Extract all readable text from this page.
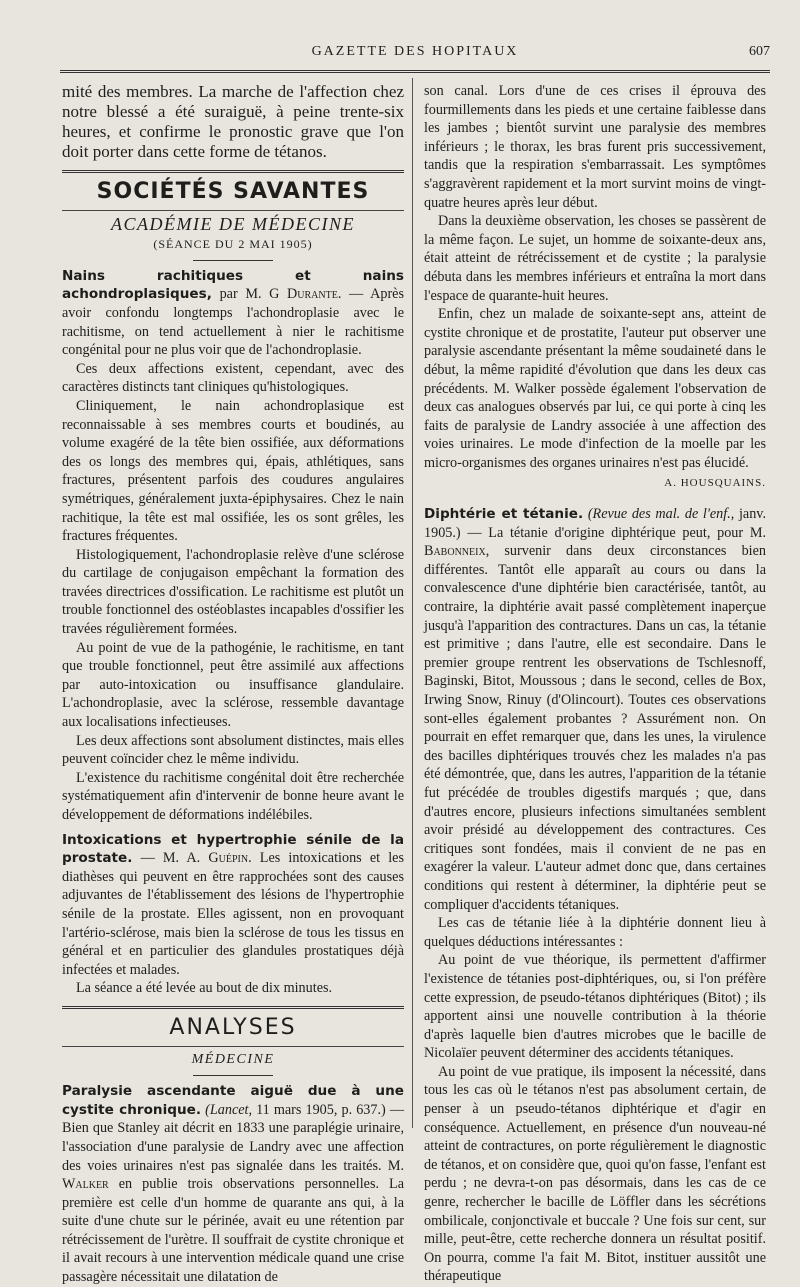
GAZETTE DES HOPITAUX	607

mité des membres. La marche de l'affection chez notre blessé a été suraiguë, à peine trente-six heures, et confirme le pronostic grave que l'on doit porter dans cette forme de tétanos.

SOCIÉTÉS SAVANTES
ACADÉMIE DE MÉDECINE
(SÉANCE DU 2 MAI 1905)

Nains rachitiques et nains achondroplasiques, par M. G Durante. — Après avoir confondu longtemps l'achondroplasie avec le rachitisme, on tend actuellement à nier le rachitisme congénital pour ne plus voir que de l'achondroplasie.

Ces deux affections existent, cependant, avec des caractères distincts tant cliniques qu'histologiques.

Cliniquement, le nain achondroplasique est reconnaissable à ses membres courts et boudinés, au volume exagéré de la tête bien ossifiée, aux déformations des os longs des membres qui, épais, athlétiques, sans fractures, présentent parfois des coudures angulaires symétriques, généralement juxta-épiphysaires. Chez le nain rachitique, la tête est mal ossifiée, les os sont grêles, les fractures fréquentes.

Histologiquement, l'achondroplasie relève d'une sclérose du cartilage de conjugaison empêchant la formation des travées directrices d'ossification. Le rachitisme est plutôt un trouble fonctionnel des ostéoblastes incapables d'ossifier les travées régulièrement formées.

Au point de vue de la pathogénie, le rachitisme, en tant que trouble fonctionnel, peut être assimilé aux affections par auto-intoxication ou insuffisance glandulaire. L'achondroplasie, avec la sclérose, ressemble davantage aux localisations infectieuses.

Les deux affections sont absolument distinctes, mais elles peuvent coïncider chez le même individu.

L'existence du rachitisme congénital doit être recherchée systématiquement afin d'intervenir de bonne heure avant le développement de déformations indélébiles.

Intoxications et hypertrophie sénile de la prostate. — M. A. Guépin. Les intoxications et les diathèses qui peuvent en être rapprochées sont des causes adjuvantes de l'établissement des lésions de l'hypertrophie sénile de la prostate. Elles agissent, non en provoquant l'artério-sclérose, mais bien la sclérose de tous les tissus en général et en particulier des glandules prostatiques déjà infectées et malades.

La séance a été levée au bout de dix minutes.

ANALYSES
MÉDECINE

Paralysie ascendante aiguë due à une cystite chronique. (Lancet, 11 mars 1905, p. 637.) — Bien que Stanley ait décrit en 1833 une paraplégie urinaire, l'association d'une paralysie de Landry avec une affection des voies urinaires n'est pas signalée dans les traités. M. Walker en publie trois observations personnelles. La première est celle d'un homme de quarante ans qui, à la suite d'une chute sur le périnée, avait eu une rétention par rétrécissement de l'urètre. Il souffrait de cystite chronique et il avait recours à une intervention médicale quand une crise passagère nécessitait une dilatation de

son canal. Lors d'une de ces crises il éprouva des fourmillements dans les pieds et une certaine faiblesse dans les jambes ; bientôt survint une paralysie des membres inférieurs ; le thorax, les bras furent pris successivement, tandis que la respiration s'embarrassait. Les symptômes s'aggravèrent rapidement et la mort survint moins de vingt-quatre heures après leur début.

Dans la deuxième observation, les choses se passèrent de la même façon. Le sujet, un homme de soixante-deux ans, était atteint de rétrécissement et de cystite ; la paralysie débuta dans les membres inférieurs et entraîna la mort dans l'espace de quarante-huit heures.

Enfin, chez un malade de soixante-sept ans, atteint de cystite chronique et de prostatite, l'auteur put observer une paralysie ascendante présentant la même soudaineté dans le début, la même rapidité d'évolution que dans les deux cas précédents. M. Walker possède également l'observation de deux cas analogues observés par lui, ce qui porte à cinq les faits de paralysie de Landry associée à une affection des voies urinaires. Le mode d'infection de la moelle par les micro-organismes des organes urinaires n'est pas élucidé.

A. HOUSQUAINS.

Diphtérie et tétanie. (Revue des mal. de l'enf., janv. 1905.) — La tétanie d'origine diphtérique peut, pour M. Babonneix, survenir dans deux circonstances bien différentes. Tantôt elle apparaît au cours ou dans la convalescence d'une diphtérie bien caractérisée, tantôt, au contraire, la diphtérie avait passé complètement inaperçue jusqu'à l'apparition des contractures. Dans un cas, la tétanie est primitive ; dans l'autre, elle est secondaire. Dans le premier groupe rentrent les observations de Tschlesnoff, Baginski, Bitot, Moussous ; dans le second, celles de Box, Irwing Snow, Rinuy (d'Olincourt). Toutes ces observations sont-elles également probantes ? Assurément non. On pourrait en effet remarquer que, dans les unes, la virulence des bacilles diphtériques trouvés chez les malades n'a pas été démontrée, que, dans les autres, l'apparition de la tétanie fut précédée de troubles digestifs marqués ; que, dans d'autres encore, plusieurs infections simultanées semblent avoir présidé au développement des contractures. Ces critiques sont fondées, mais il convient de ne pas en exagérer la valeur. L'auteur admet donc que, dans certaines conditions qui restent à déterminer, la diphtérie peut se compliquer d'accidents tétaniques.

Les cas de tétanie liée à la diphtérie donnent lieu à quelques déductions intéressantes :

Au point de vue théorique, ils permettent d'affirmer l'existence de tétanies post-diphtériques, ou, si l'on préfère cette expression, de pseudo-tétanos diphtériques (Bitot) ; ils apportent ainsi une nouvelle contribution à la théorie d'après laquelle bien d'autres microbes que le bacille de Nicolaïer peuvent déterminer des accidents tétaniques.

Au point de vue pratique, ils imposent la nécessité, dans tous les cas où le tétanos n'est pas absolument certain, de penser à un pseudo-tétanos diphtérique et d'agir en conséquence. Actuellement, en présence d'un nouveau-né atteint de contractures, on porte régulièrement le diagnostic de tétanos, et on considère que, quoi qu'on fasse, l'enfant est perdu ; ne devra-t-on pas désormais, dans les cas de ce genre, rechercher le bacille de Löffler dans les sécrétions ombilicale, conjonctivale et buccale ? Une fois sur cent, sur mille, peut-être, cette recherche donnera un résultat positif. On pourra, comme l'a fait M. Bitot, instituer aussitôt une thérapeutique
